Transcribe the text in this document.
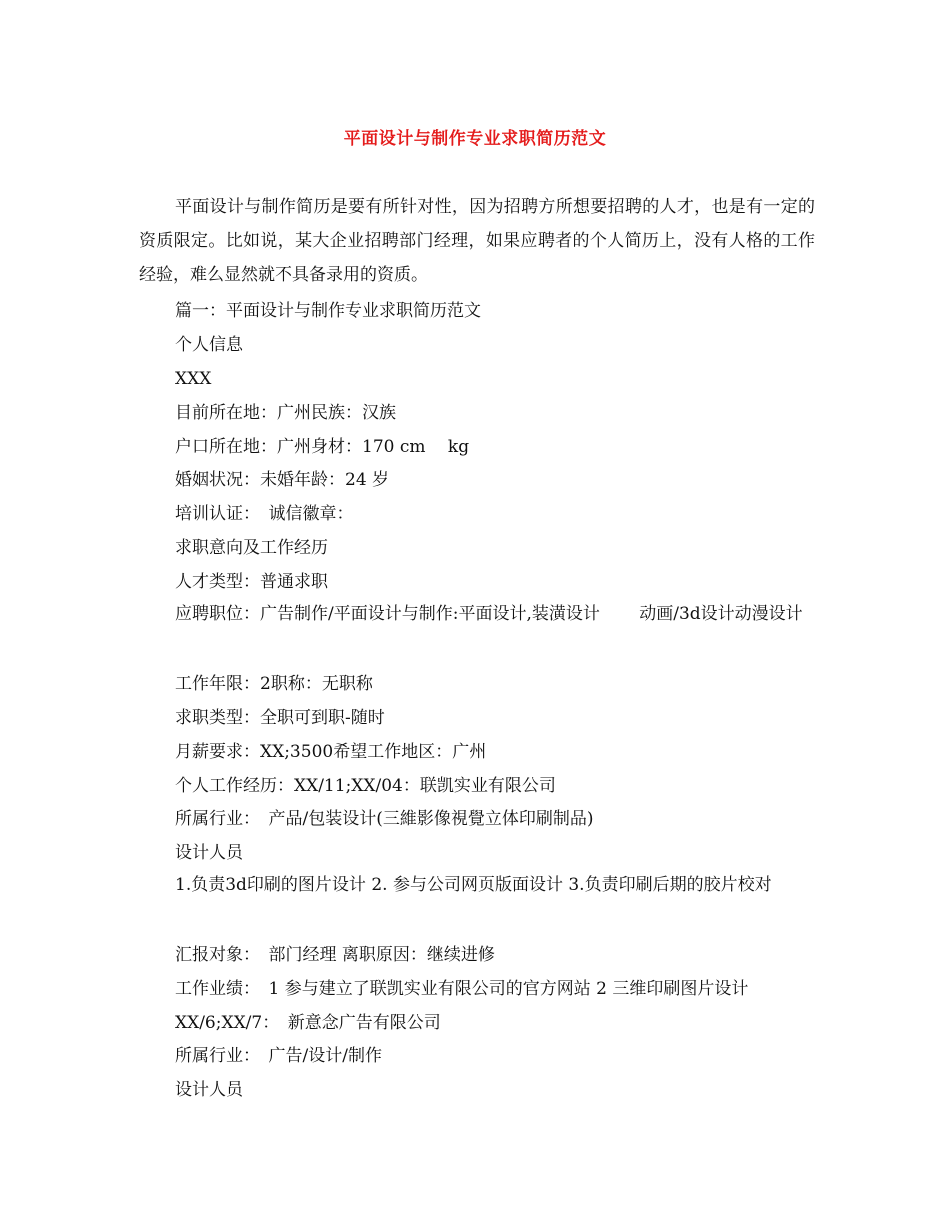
平面设计与制作专业求职简历范文

平面设计与制作简历是要有所针对性，因为招聘方所想要招聘的人才，也是有一定的资质限定。比如说，某大企业招聘部门经理，如果应聘者的个人简历上，没有人格的工作经验，难么显然就不具备录用的资质。

篇一：平面设计与制作专业求职简历范文

个人信息

XXX

目前所在地：广州民族：汉族

户口所在地：广州身材：170 cm　 kg

婚姻状况：未婚年龄：24 岁

培训认证：　诚信徽章：

求职意向及工作经历

人才类型：普通求职

应聘职位：广告制作/平面设计与制作:平面设计,装潢设计　　 动画/3d设计动漫设计

工作年限：2职称：无职称

求职类型：全职可到职-随时

月薪要求：XX;3500希望工作地区：广州

个人工作经历：XX/11;XX/04：联凯实业有限公司

所属行业：　产品/包装设计(三維影像視覺立体印刷制品)

设计人员

1.负责3d印刷的图片设计 2. 参与公司网页版面设计 3.负责印刷后期的胶片校对

汇报对象：　部门经理 离职原因：继续进修

工作业绩：　1 参与建立了联凯实业有限公司的官方网站 2 三维印刷图片设计

XX/6;XX/7：　新意念广告有限公司

所属行业：　广告/设计/制作

设计人员
